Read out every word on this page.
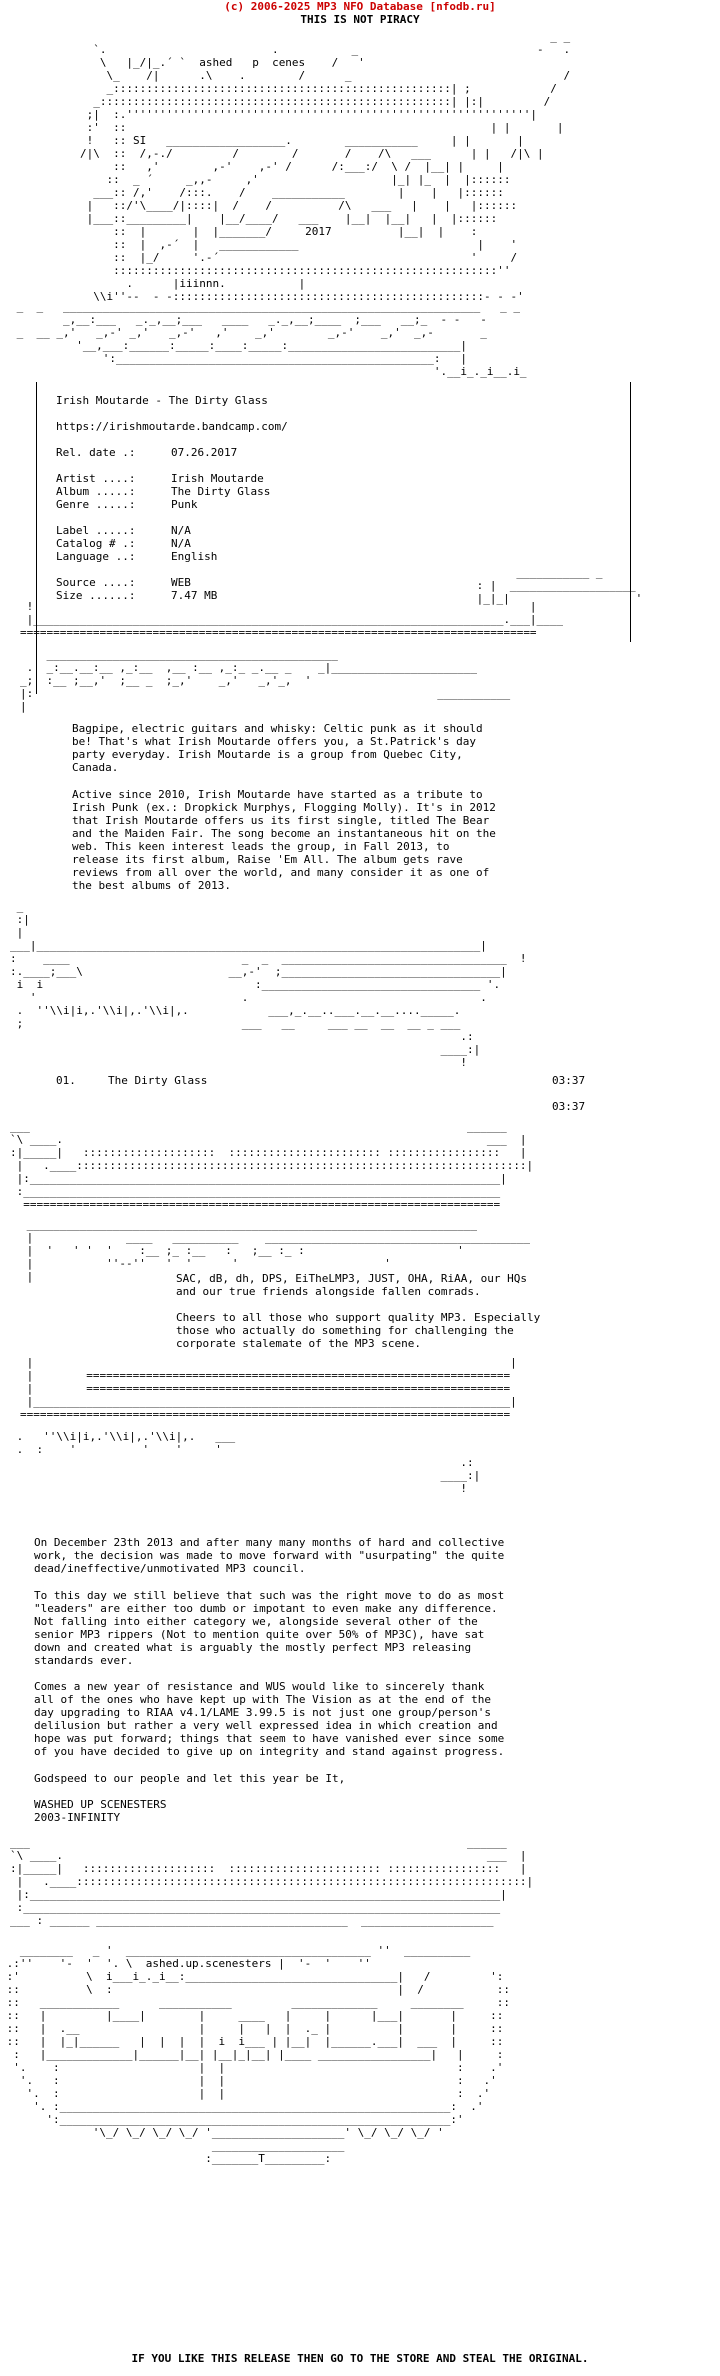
(c) 2006-2025 MP3 NFO Database [nfodb.ru]
THIS IS NOT PIRACY
_ _
`.                         .           _                           -   .
\   |_/|_.´ `  ashed   p  cenes    /   '
\_    /|      .\    .        /      _                                /
_:::::::::::::::::::::::::::::::::::::::::::::::::::| ;            /
_:::::::::::::::::::::::::::::::::::::::::::::::::::::| |:|         /
;|  :.'''''''''''''''''''''''''''''''''''''''''''''''''''''''''''''|
:'  ::                                                       | |       |
!   :: SI   __________________.        ___________     | |       |
/|\  ::  /,-./         /        /       /    /\   ___      | |   /|\ |
::   ,'        ,-'    ,-' /      /:___:/  \ /  |__| |     |
::  _ ´     _,,-     ,'                    |_| |_  |  |::::::
___:: /,'    /:::.    /    ___________        |    |   |::::::
|   ::/'\____/|::::|  /    /          /\   ___   |    |   |::::::
|___::_________|    |__/____/   ___    |__|  |__|   |  |::::::
::  |       |  |_______/	2017	|__|  |    :
::  |  ,-´  |   ____________                           |    '
::  |_/     '.-´                                      '     /
::::::::::::::::::::::::::::::::::::::::::::::::::::::::::''
.      |iiinnn.           |
\\i''--  - -:::::::::::::::::::::::::::::::::::::::::::::::- - -'

_  _   _______________________________________________________________   _ _
_,__:___   _._,__;___   ____   _._,__;____  ;___   __;_  - -   -
_  __ _,'   _,-' _,'   _,-'   ,'    _,'        _,-'    _,'  _,-       _
'__,___:______:_____:____:_____:__________________________|
':________________________________________________:   |
'.__i_._i__.i_

Irish Moutarde - The Dirty Glass
https://irishmoutarde.bandcamp.com/
Rel. date .:	07.26.2017
Artist ....:	Irish Moutarde
Album .....:	The Dirty Glass
Genre .....:	Punk
Label .....:	N/A
Catalog # .:	N/A
Language ..:	English
Source ....:	WEB
Size ......:	7.47 MB
___________ _
: |  ___________________
|_|_|                   '

!                                                                           |
|_______________________________________________________________________.___|____
==============================================================================

____________________________________________
.  _:__.__:__ ,_:__  ,__ :__ ,_:_ _.__ _    _|______________________
_;  :__ ;__,'  ;__ _  ;_,'    _,'   _,'_,  '
|:                                                             ___________
|

Bagpipe, electric guitars and whisky: Celtic punk as it should
be! That's what Irish Moutarde offers you, a St.Patrick's day
party everyday. Irish Moutarde is a group from Quebec City,
Canada.
Active since 2010, Irish Moutarde have started as a tribute to
Irish Punk (ex.: Dropkick Murphys, Flogging Molly). It's in 2012
that Irish Moutarde offers us its first single, titled The Bear
and the Maiden Fair. The song become an instantaneous hit on the
web. This keen interest leads the group, in Fall 2013, to
release its first album, Raise 'Em All. The album gets rave
reviews from all over the world, and many consider it as one of
the best albums of 2013.
_
:|
|
___|___________________________________________________________________|
:    ____                          _  _  __________________________________  !
:.____;___\                      __,-'  ;_________________________________|
i  i                                :_________________________________ '.
'                               .                                   .
.  ''\\i|i,.'\\i|,.'\\i|,.            ___,_.__..___.__.__...._____.
;                                 ___   __     ___ __  __  __ _ ___
.:
____:|
!

01.	The Dirty Glass	03:37
03:37
___                                                                  ______
`\ ____.                                                                ___  |
:|_____|   ::::::::::::::::::::  ::::::::::::::::::::::: :::::::::::::::::   |
|   .____::::::::::::::::::::::::::::::::::::::::::::::::::::::::::::::::::::|
|:_______________________________________________________________________|
:________________________________________________________________________
========================================================================

____________________________________________________________________
|              ____   __________    ________________________________________
|  '   ' '  '    :__ ;_ :__   :   ;__ :_ :                       '
|           ''--''   '  '      '                      '
|	SAC, dB, dh, DPS, EiTheLMP3, JUST, OHA, RiAA, our HQs
and our true friends alongside fallen comrads.
Cheers to all those who support quality MP3. Especially
those who actually do something for challenging the
corporate stalemate of the MP3 scene.
|                                                                        |
|        ================================================================
|        ================================================================
|________________________________________________________________________|
==========================================================================

.   ''\\i|i,.'\\i|,.'\\i|,.   ___
.  :    '          '    '     '
.:
____:|
!

On December 23th 2013 and after many many months of hard and collective
work, the decision was made to move forward with "usurpating" the quite
dead/ineffective/unmotivated MP3 council.
To this day we still believe that such was the right move to do as most
"leaders" are either too dumb or impotant to even make any difference.
Not falling into either category we, alongside several other of the
senior MP3 rippers (Not to mention quite over 50% of MP3C), have sat
down and created what is arguably the mostly perfect MP3 releasing
standards ever.
Comes a new year of resistance and WUS would like to sincerely thank
all of the ones who have kept up with The Vision as at the end of the
day upgrading to RIAA v4.1/LAME 3.99.5 is not just one group/person's
delilusion but rather a very well expressed idea in which creation and
hope was put forward; things that seem to have vanished ever since some
of you have decided to give up on integrity and stand against progress.
Godspeed to our people and let this year be It,
WASHED UP SCENESTERS
2003-INFINITY
___                                                                  ______
`\ ____.                                                                ___  |
:|_____|   ::::::::::::::::::::  ::::::::::::::::::::::: :::::::::::::::::   |
|   .____::::::::::::::::::::::::::::::::::::::::::::::::::::::::::::::::::::|
|:_______________________________________________________________________|
:________________________________________________________________________
___ : ______ ______________________________________  ____________________

________   _ '  _____________________________________ ''  __________
.:''    '-  '  '. \  ashed.up.scenesters |  '-  '    ''
:'          \  i___i_._i__:________________________________|   /         ':
::          \  :                                           |  /           ::
::   ____________      ___________         _____________     ________     ::
::   |         |____|        |     ____   |     |      |___|       |     ::
::   |  .__                  |     |   |  |  ._ |          |       |     ::
::   |  |_|______   |  |  |  |  i  i___ | |__|  |______.___|  ___  |     ::
:   |_____________|______|__| |__|_|__| |____ _________________|   |     :
'.    :                     |  |                                   :    .'
'.   :                     |  |                                   :   .'
'.  :                     |  |                                   :  .'
'. :___________________________________________________________:  .'
':___________________________________________________________:'
'\_/ \_/ \_/ \_/ '____________________' \_/ \_/ \_/ '
____________________
:_______T_________:

IF YOU LIKE THIS RELEASE THEN GO TO THE STORE AND STEAL THE ORIGINAL.
